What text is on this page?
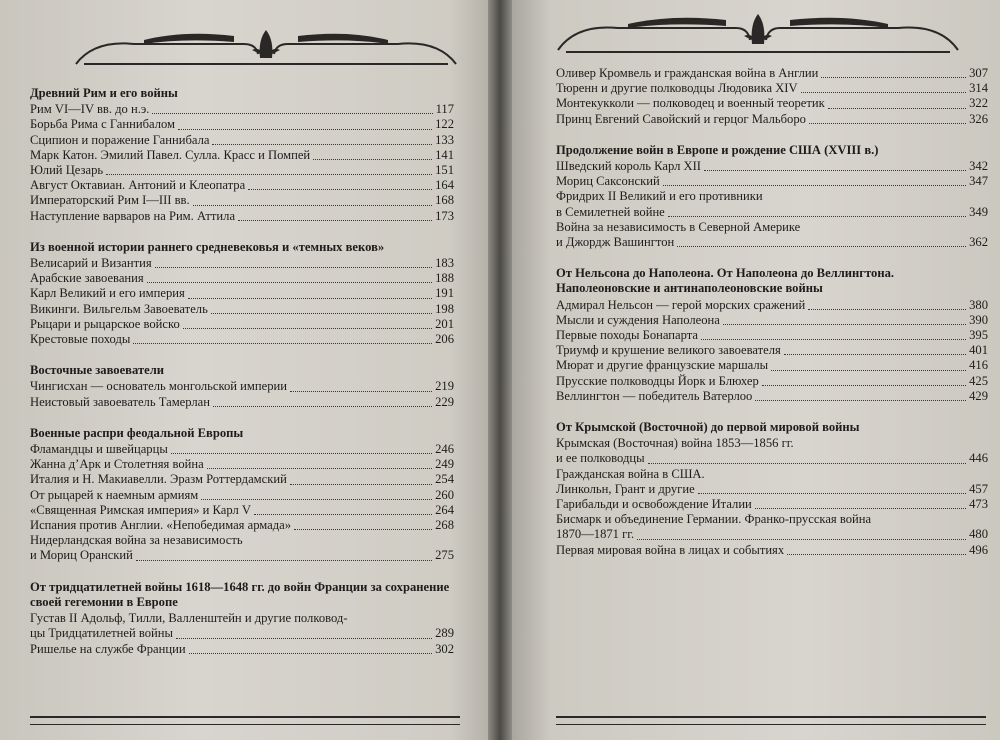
Древний Рим и его войны
Рим VI—IV вв. до н.э.	117
Борьба Рима с Ганнибалом	122
Сципион и поражение Ганнибала	133
Марк Катон. Эмилий Павел. Сулла. Красс и Помпей	141
Юлий Цезарь	151
Август Октавиан. Антоний и Клеопатра	164
Императорский Рим I—III вв.	168
Наступление варваров на Рим. Аттила	173
Из военной истории раннего средневековья и «темных веков»
Велисарий и Византия	183
Арабские завоевания	188
Карл Великий и его империя	191
Викинги. Вильгельм Завоеватель	198
Рыцари и рыцарское войско	201
Крестовые походы	206
Восточные завоеватели
Чингисхан — основатель монгольской империи	219
Неистовый завоеватель Тамерлан	229
Военные распри феодальной Европы
Фламандцы и швейцарцы	246
Жанна д’Арк и Столетняя война	249
Италия и Н. Макиавелли. Эразм Роттердамский	254
От рыцарей к наемным армиям	260
«Священная Римская империя» и Карл V	264
Испания против Англии. «Непобедимая армада»	268
Нидерландская война за независимость
и Мориц Оранский	275
От тридцатилетней войны 1618—1648 гг. до войн Франции за сохранение своей гегемонии в Европе
Густав II Адольф, Тилли, Валленштейн и другие полковод-
цы Тридцатилетней войны	289
Ришелье на службе Франции	302
Оливер Кромвель и гражданская война в Англии	307
Тюренн и другие полководцы Людовика XIV	314
Монтекукколи — полководец и военный теоретик	322
Принц Евгений Савойский и герцог Мальборо	326
Продолжение войн в Европе и рождение США (XVIII в.)
Шведский король Карл XII	342
Мориц Саксонский	347
Фридрих II Великий и его противники
в Семилетней войне	349
Война за независимость в Северной Америке
и Джордж Вашингтон	362
От Нельсона до Наполеона. От Наполеона до Веллингтона. Наполеоновские и антинаполеоновские войны
Адмирал Нельсон — герой морских сражений	380
Мысли и суждения Наполеона	390
Первые походы Бонапарта	395
Триумф и крушение великого завоевателя	401
Мюрат и другие французские маршалы	416
Прусские полководцы Йорк и Блюхер	425
Веллингтон — победитель Ватерлоо	429
От Крымской (Восточной) до первой мировой войны
Крымская (Восточная) война 1853—1856 гг.
и ее полководцы	446
Гражданская война в США.
Линкольн, Грант и другие	457
Гарибальди и освобождение Италии	473
Бисмарк и объединение Германии. Франко-прусская война
1870—1871 гг.	480
Первая мировая война в лицах и событиях	496
